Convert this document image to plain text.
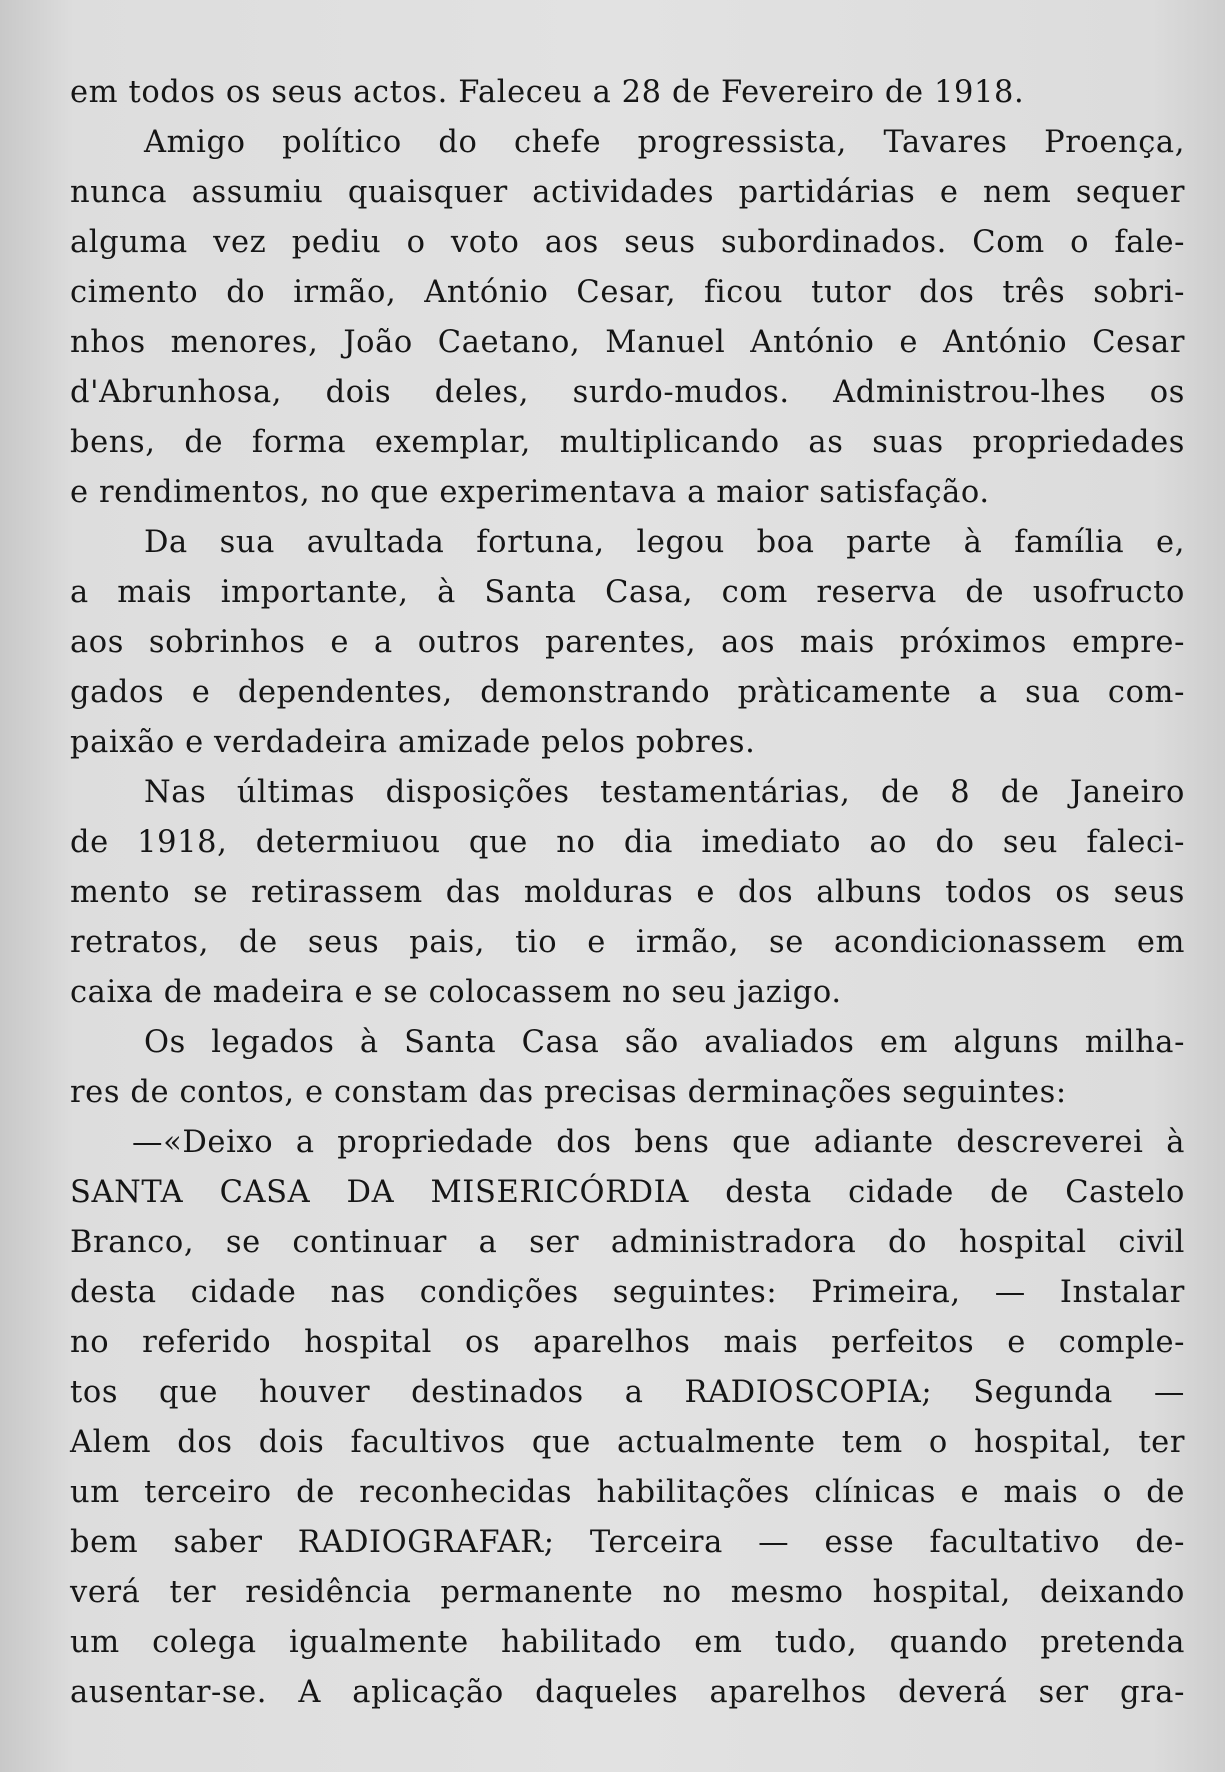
em todos os seus actos. Faleceu a 28 de Fevereiro de 1918.
Amigo político do chefe progressista, Tavares Proença,
nunca assumiu quaisquer actividades partidárias e nem sequer
alguma vez pediu o voto aos seus subordinados. Com o fale-
cimento do irmão, António Cesar, ficou tutor dos três sobri-
nhos menores, João Caetano, Manuel António e António Cesar
d'Abrunhosa, dois deles, surdo-mudos. Administrou-lhes os
bens, de forma exemplar, multiplicando as suas propriedades
e rendimentos, no que experimentava a maior satisfação.
Da sua avultada fortuna, legou boa parte à família e,
a mais importante, à Santa Casa, com reserva de usofructo
aos sobrinhos e a outros parentes, aos mais próximos empre-
gados e dependentes, demonstrando pràticamente a sua com-
paixão e verdadeira amizade pelos pobres.
Nas últimas disposições testamentárias, de 8 de Janeiro
de 1918, determiuou que no dia imediato ao do seu faleci-
mento se retirassem das molduras e dos albuns todos os seus
retratos, de seus pais, tio e irmão, se acondicionassem em
caixa de madeira e se colocassem no seu jazigo.
Os legados à Santa Casa são avaliados em alguns milha-
res de contos, e constam das precisas derminações seguintes:
—«Deixo a propriedade dos bens que adiante descreverei à
SANTA CASA DA MISERICÓRDIA desta cidade de Castelo
Branco, se continuar a ser administradora do hospital civil
desta cidade nas condições seguintes: Primeira, — Instalar
no referido hospital os aparelhos mais perfeitos e comple-
tos que houver destinados a RADIOSCOPIA; Segunda —
Alem dos dois facultivos que actualmente tem o hospital, ter
um terceiro de reconhecidas habilitações clínicas e mais o de
bem saber RADIOGRAFAR; Terceira — esse facultativo de-
verá ter residência permanente no mesmo hospital, deixando
um colega igualmente habilitado em tudo, quando pretenda
ausentar-se. A aplicação daqueles aparelhos deverá ser gra-
